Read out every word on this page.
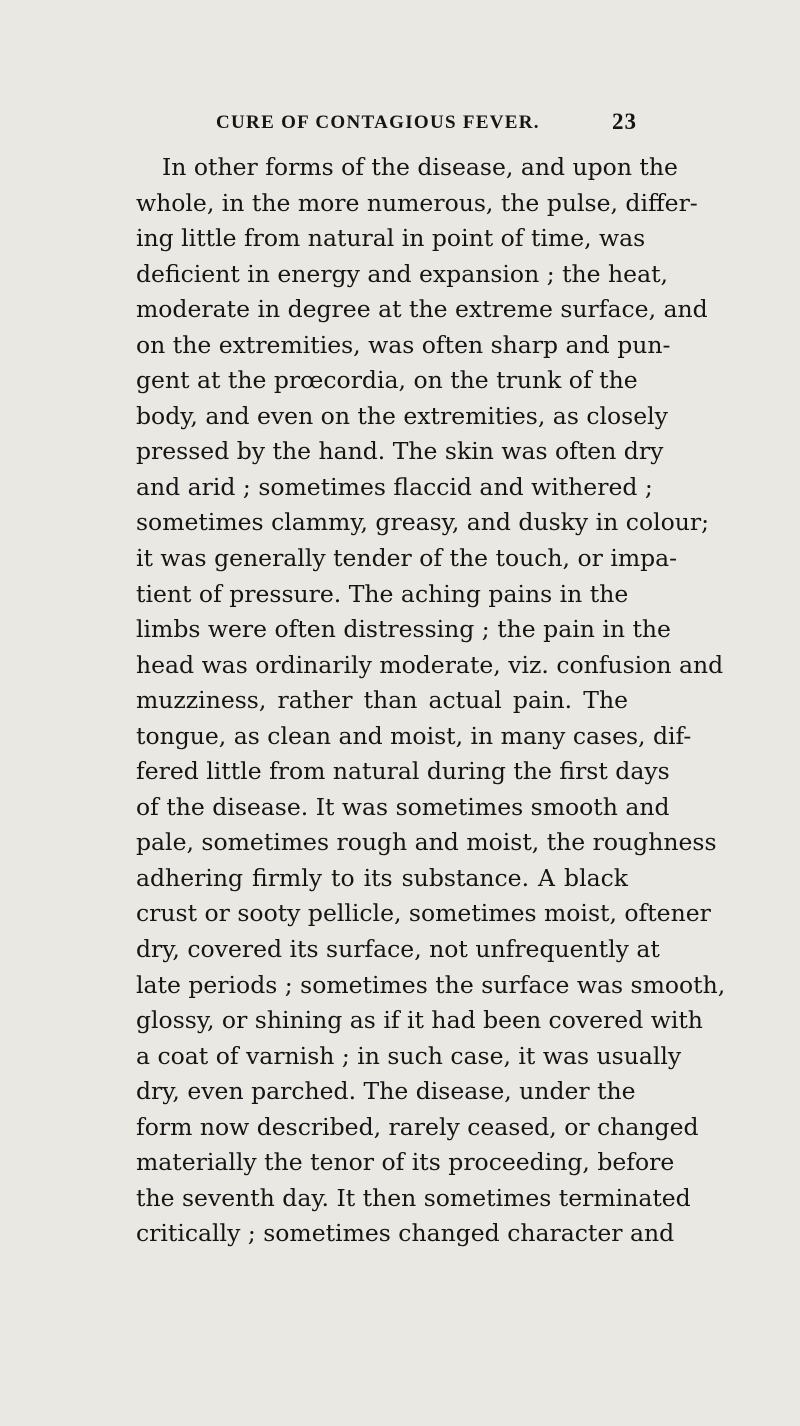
CURE OF CONTAGIOUS FEVER.	23
In other forms of the disease, and upon the
whole, in the more numerous, the pulse, differ-
ing little from natural in point of time, was
deficient in energy and expansion ; the heat,
moderate in degree at the extreme surface, and
on the extremities, was often sharp and pun-
gent at the prœcordia, on the trunk of the
body, and even on the extremities, as closely
pressed by the hand. The skin was often dry
and arid ; sometimes flaccid and withered ;
sometimes clammy, greasy, and dusky in colour;
it was generally tender of the touch, or impa-
tient of pressure. The aching pains in the
limbs were often distressing ; the pain in the
head was ordinarily moderate, viz. confusion and
muzziness, rather than actual pain. The
tongue, as clean and moist, in many cases, dif-
fered little from natural during the first days
of the disease. It was sometimes smooth and
pale, sometimes rough and moist, the roughness
adhering firmly to its substance. A black
crust or sooty pellicle, sometimes moist, oftener
dry, covered its surface, not unfrequently at
late periods ; sometimes the surface was smooth,
glossy, or shining as if it had been covered with
a coat of varnish ; in such case, it was usually
dry, even parched. The disease, under the
form now described, rarely ceased, or changed
materially the tenor of its proceeding, before
the seventh day. It then sometimes terminated
critically ; sometimes changed character and
